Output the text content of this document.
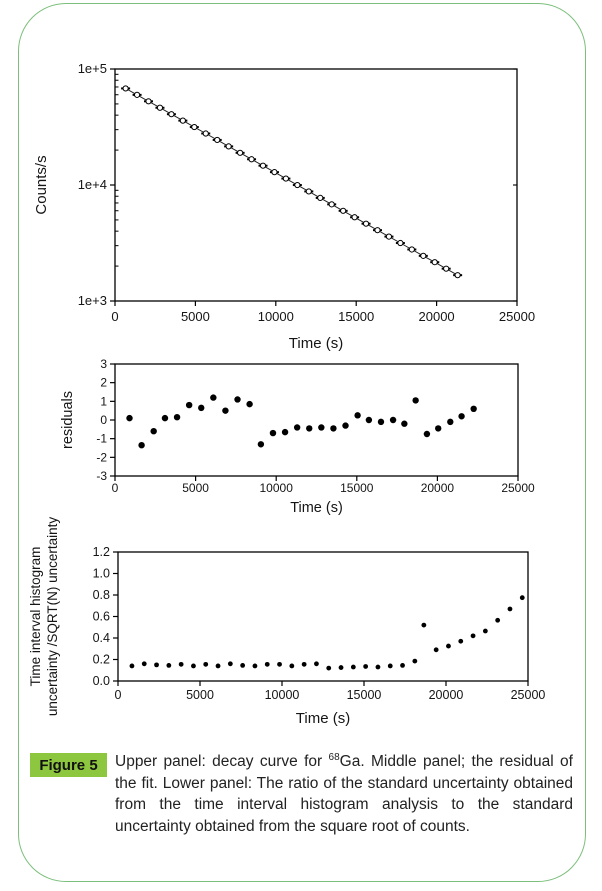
0	5000	10000	15000	20000	25000
1e+3
1e+4
1e+5
Time (s)
Counts/s
0	5000	10000	15000	20000	25000
3
2
1
0
-1
-2
-3
Time (s)
residuals
0	5000	10000	15000	20000	25000
0.0
0.2
0.4
0.6
0.8
1.0
1.2
Time (s)
Time interval histogram uncertainty /SQRT(N) uncertainty
Figure 5	Upper panel: decay curve for $^{68}$Ga. Middle panel; the residual of the fit. Lower panel: The ratio of the standard uncertainty obtained from the time interval histogram analysis to the standard uncertainty obtained from the square root of counts.
